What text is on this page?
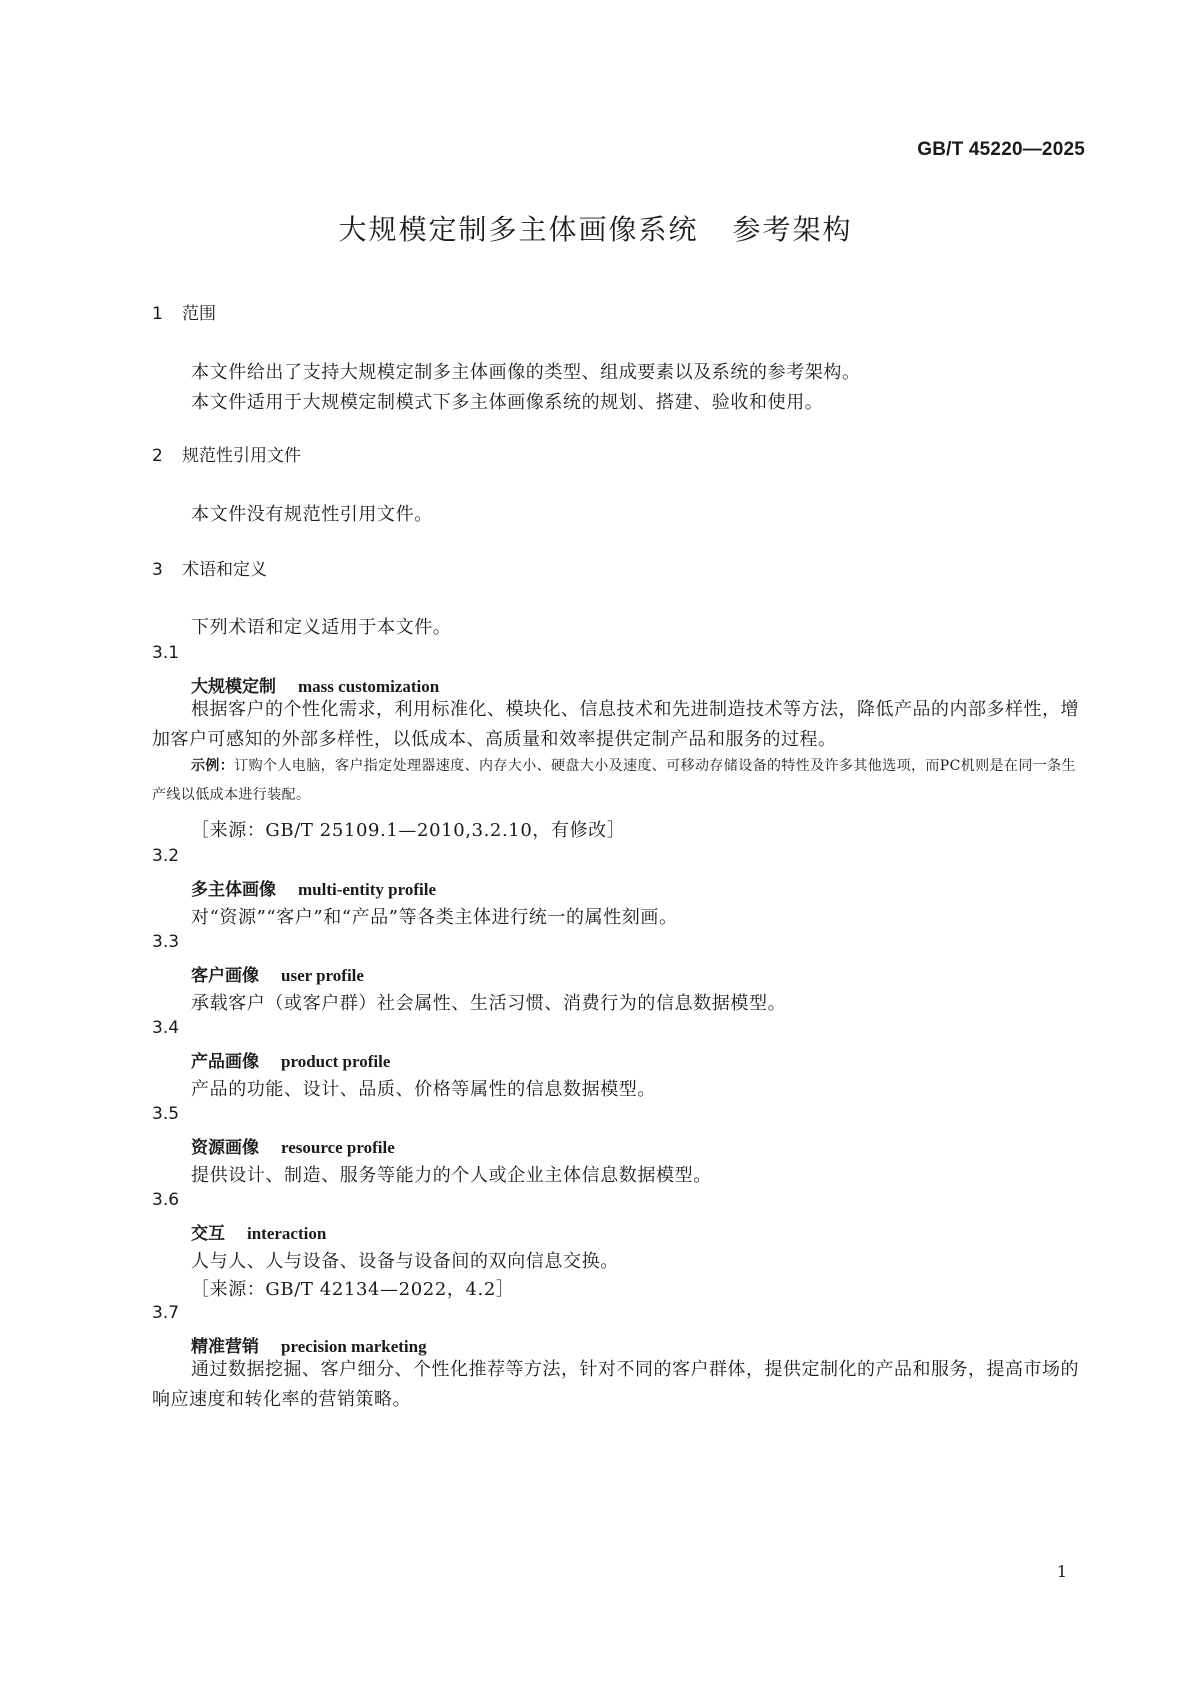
GB/T 45220—2025
大规模定制多主体画像系统 参考架构
1 范围
本文件给出了支持大规模定制多主体画像的类型、组成要素以及系统的参考架构。
本文件适用于大规模定制模式下多主体画像系统的规划、搭建、验收和使用。
2 规范性引用文件
本文件没有规范性引用文件。
3 术语和定义
下列术语和定义适用于本文件。
3.1
大规模定制 mass customization
根据客户的个性化需求，利用标准化、模块化、信息技术和先进制造技术等方法，降低产品的内部多样性，增加客户可感知的外部多样性，以低成本、高质量和效率提供定制产品和服务的过程。
示例：订购个人电脑，客户指定处理器速度、内存大小、硬盘大小及速度、可移动存储设备的特性及许多其他选项，而PC机则是在同一条生产线以低成本进行装配。
［来源：GB/T 25109.1—2010,3.2.10，有修改］
3.2
多主体画像 multi-entity profile
对“资源”“客户”和“产品”等各类主体进行统一的属性刻画。
3.3
客户画像 user profile
承载客户（或客户群）社会属性、生活习惯、消费行为的信息数据模型。
3.4
产品画像 product profile
产品的功能、设计、品质、价格等属性的信息数据模型。
3.5
资源画像 resource profile
提供设计、制造、服务等能力的个人或企业主体信息数据模型。
3.6
交互 interaction
人与人、人与设备、设备与设备间的双向信息交换。
［来源：GB/T 42134—2022，4.2］
3.7
精准营销 precision marketing
通过数据挖掘、客户细分、个性化推荐等方法，针对不同的客户群体，提供定制化的产品和服务，提高市场的响应速度和转化率的营销策略。
1
